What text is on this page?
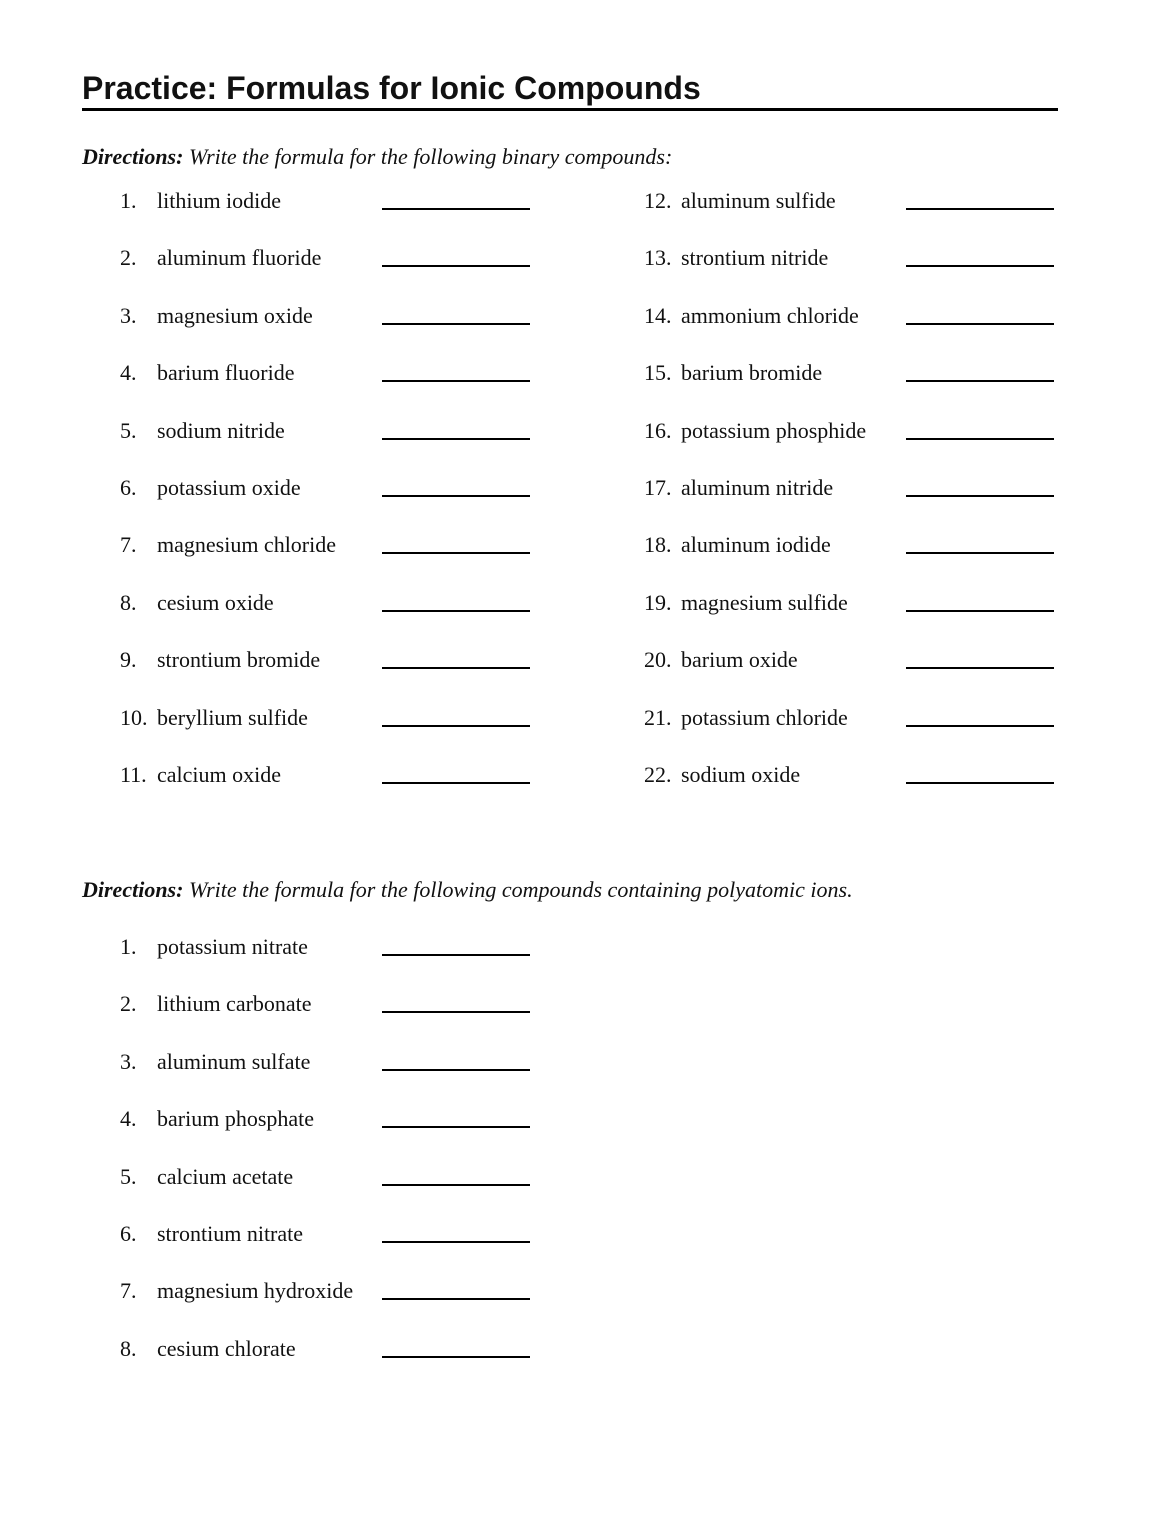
Practice: Formulas for Ionic Compounds
Directions: Write the formula for the following binary compounds:
1. lithium iodide
2. aluminum fluoride
3. magnesium oxide
4. barium fluoride
5. sodium nitride
6. potassium oxide
7. magnesium chloride
8. cesium oxide
9. strontium bromide
10. beryllium sulfide
11. calcium oxide
12. aluminum sulfide
13. strontium nitride
14. ammonium chloride
15. barium bromide
16. potassium phosphide
17. aluminum nitride
18. aluminum iodide
19. magnesium sulfide
20. barium oxide
21. potassium chloride
22. sodium oxide
Directions: Write the formula for the following compounds containing polyatomic ions.
1. potassium nitrate
2. lithium carbonate
3. aluminum sulfate
4. barium phosphate
5. calcium acetate
6. strontium nitrate
7. magnesium hydroxide
8. cesium chlorate
